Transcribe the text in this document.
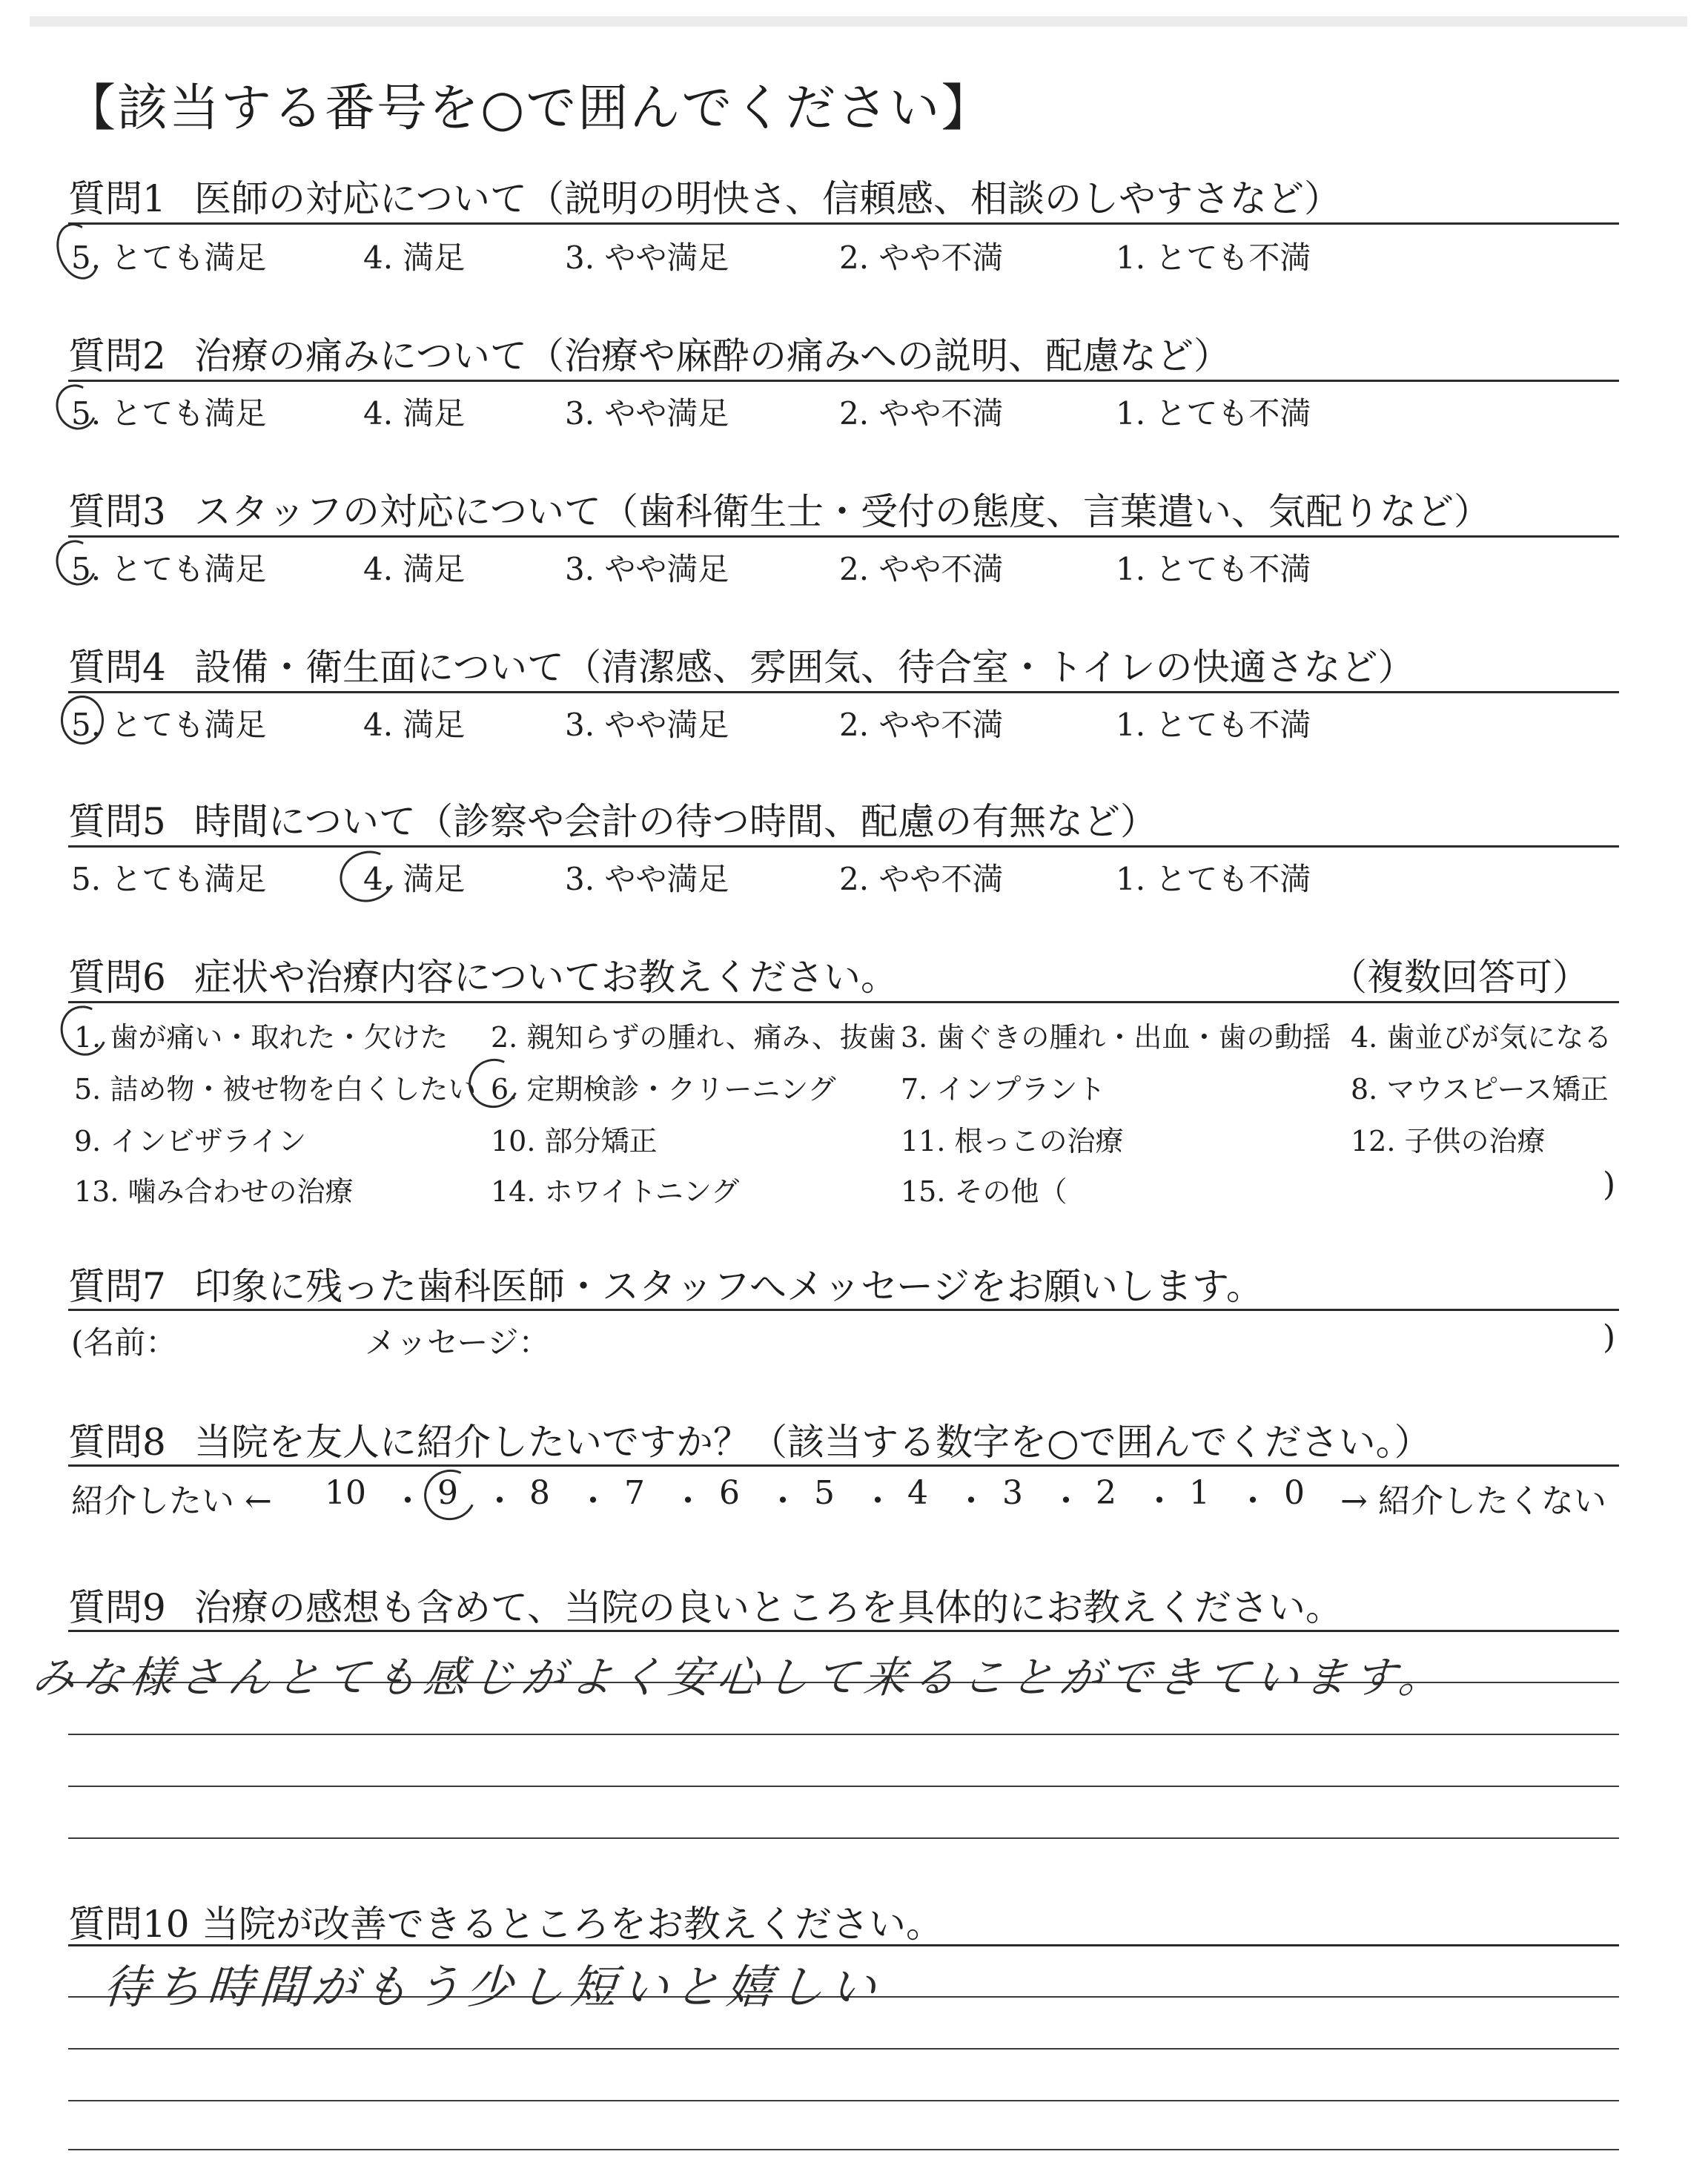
【該当する番号を○で囲んでください】
質問1 医師の対応について（説明の明快さ、信頼感、相談のしやすさなど）
5. とても満足	4. 満足	3. やや満足	2. やや不満	1. とても不満
質問2 治療の痛みについて（治療や麻酔の痛みへの説明、配慮など）
5. とても満足	4. 満足	3. やや満足	2. やや不満	1. とても不満
質問3 スタッフの対応について（歯科衛生士・受付の態度、言葉遣い、気配りなど）
5. とても満足	4. 満足	3. やや満足	2. やや不満	1. とても不満
質問4 設備・衛生面について（清潔感、雰囲気、待合室・トイレの快適さなど）
5. とても満足	4. 満足	3. やや満足	2. やや不満	1. とても不満
質問5 時間について（診察や会計の待つ時間、配慮の有無など）
5. とても満足	4. 満足	3. やや満足	2. やや不満	1. とても不満
質問6 症状や治療内容についてお教えください。	（複数回答可）
1. 歯が痛い・取れた・欠けた 2. 親知らずの腫れ、痛み、抜歯 3. 歯ぐきの腫れ・出血・歯の動揺 4. 歯並びが気になる
5. 詰め物・被せ物を白くしたい 6. 定期検診・クリーニング 7. インプラント	8. マウスピース矯正
9. インビザライン	10. 部分矯正	11. 根っこの治療	12. 子供の治療
13. 噛み合わせの治療	14. ホワイトニング	15. その他（	)
質問7 印象に残った歯科医師・スタッフへメッセージをお願いします。
(名前：	メッセージ：	)
質問8 当院を友人に紹介したいですか？（該当する数字を○で囲んでください。）
紹介したい ← 10 ・ 9 ・ 8 ・ 7 ・ 6 ・ 5 ・ 4 ・ 3 ・ 2 ・ 1 ・ 0 → 紹介したくない
質問9 治療の感想も含めて、当院の良いところを具体的にお教えください。
みな様さんとても感じがよく安心して来ることができています。
質問10 当院が改善できるところをお教えください。
待ち時間がもう少し短いと嬉しい
